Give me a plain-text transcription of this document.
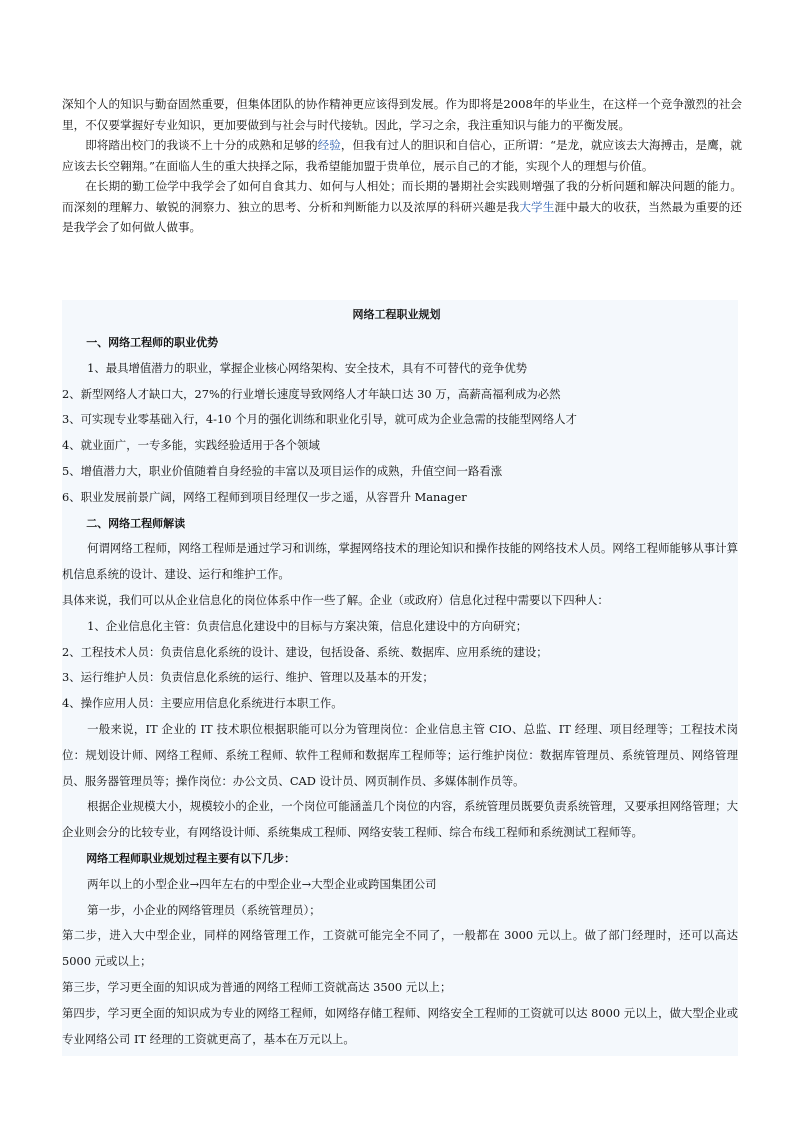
深知个人的知识与勤奋固然重要，但集体团队的协作精神更应该得到发展。作为即将是2008年的毕业生，在这样一个竞争激烈的社会里，不仅要掌握好专业知识，更加要做到与社会与时代接轨。因此，学习之余，我注重知识与能力的平衡发展。

即将踏出校门的我谈不上十分的成熟和足够的经验，但我有过人的胆识和自信心，正所谓：“是龙，就应该去大海搏击，是鹰，就应该去长空翱翔。”在面临人生的重大抉择之际，我希望能加盟于贵单位，展示自己的才能，实现个人的理想与价值。

在长期的勤工俭学中我学会了如何自食其力、如何与人相处；而长期的暑期社会实践则增强了我的分析问题和解决问题的能力。而深刻的理解力、敏锐的洞察力、独立的思考、分析和判断能力以及浓厚的科研兴趣是我大学生涯中最大的收获，当然最为重要的还是我学会了如何做人做事。

网络工程职业规划

一、网络工程师的职业优势

1、最具增值潜力的职业，掌握企业核心网络架构、安全技术，具有不可替代的竞争优势

2、新型网络人才缺口大，27%的行业增长速度导致网络人才年缺口达 30 万，高薪高福利成为必然

3、可实现专业零基础入行，4-10 个月的强化训练和职业化引导，就可成为企业急需的技能型网络人才

4、就业面广，一专多能，实践经验适用于各个领域

5、增值潜力大，职业价值随着自身经验的丰富以及项目运作的成熟，升值空间一路看涨

6、职业发展前景广阔，网络工程师到项目经理仅一步之遥，从容晋升 Manager

二、网络工程师解读

何谓网络工程师，网络工程师是通过学习和训练，掌握网络技术的理论知识和操作技能的网络技术人员。网络工程师能够从事计算机信息系统的设计、建设、运行和维护工作。

具体来说，我们可以从企业信息化的岗位体系中作一些了解。企业（或政府）信息化过程中需要以下四种人：

1、企业信息化主管：负责信息化建设中的目标与方案决策，信息化建设中的方向研究；

2、工程技术人员：负责信息化系统的设计、建设，包括设备、系统、数据库、应用系统的建设；

3、运行维护人员：负责信息化系统的运行、维护、管理以及基本的开发；

4、操作应用人员：主要应用信息化系统进行本职工作。

一般来说，IT 企业的 IT 技术职位根据职能可以分为管理岗位：企业信息主管 CIO、总监、IT 经理、项目经理等；工程技术岗位：规划设计师、网络工程师、系统工程师、软件工程师和数据库工程师等；运行维护岗位：数据库管理员、系统管理员、网络管理员、服务器管理员等；操作岗位：办公文员、CAD 设计员、网页制作员、多媒体制作员等。

根据企业规模大小，规模较小的企业，一个岗位可能涵盖几个岗位的内容，系统管理员既要负责系统管理，又要承担网络管理；大企业则会分的比较专业，有网络设计师、系统集成工程师、网络安装工程师、综合布线工程师和系统测试工程师等。

网络工程师职业规划过程主要有以下几步：

两年以上的小型企业→四年左右的中型企业→大型企业或跨国集团公司

第一步，小企业的网络管理员（系统管理员）；

第二步，进入大中型企业，同样的网络管理工作，工资就可能完全不同了，一般都在 3000 元以上。做了部门经理时，还可以高达 5000 元或以上；

第三步，学习更全面的知识成为普通的网络工程师工资就高达 3500 元以上；

第四步，学习更全面的知识成为专业的网络工程师，如网络存储工程师、网络安全工程师的工资就可以达 8000 元以上，做大型企业或专业网络公司 IT 经理的工资就更高了，基本在万元以上。
